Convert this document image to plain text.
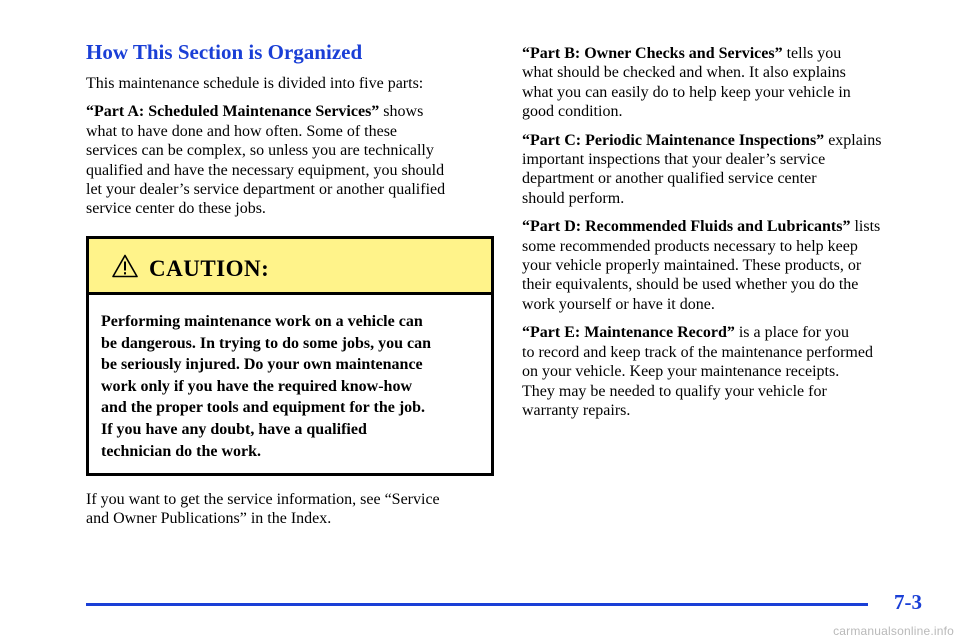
How This Section is Organized

This maintenance schedule is divided into five parts:

“Part A: Scheduled Maintenance Services” shows
what to have done and how often. Some of these
services can be complex, so unless you are technically
qualified and have the necessary equipment, you should
let your dealer’s service department or another qualified
service center do these jobs.

CAUTION:
Performing maintenance work on a vehicle can
be dangerous. In trying to do some jobs, you can
be seriously injured. Do your own maintenance
work only if you have the required know-how
and the proper tools and equipment for the job.
If you have any doubt, have a qualified
technician do the work.
If you want to get the service information, see “Service
and Owner Publications” in the Index.

“Part B: Owner Checks and Services” tells you
what should be checked and when. It also explains
what you can easily do to help keep your vehicle in
good condition.

“Part C: Periodic Maintenance Inspections” explains
important inspections that your dealer’s service
department or another qualified service center
should perform.

“Part D: Recommended Fluids and Lubricants” lists
some recommended products necessary to help keep
your vehicle properly maintained. These products, or
their equivalents, should be used whether you do the
work yourself or have it done.

“Part E: Maintenance Record” is a place for you
to record and keep track of the maintenance performed
on your vehicle. Keep your maintenance receipts.
They may be needed to qualify your vehicle for
warranty repairs.

7-3
carmanualsonline.info
